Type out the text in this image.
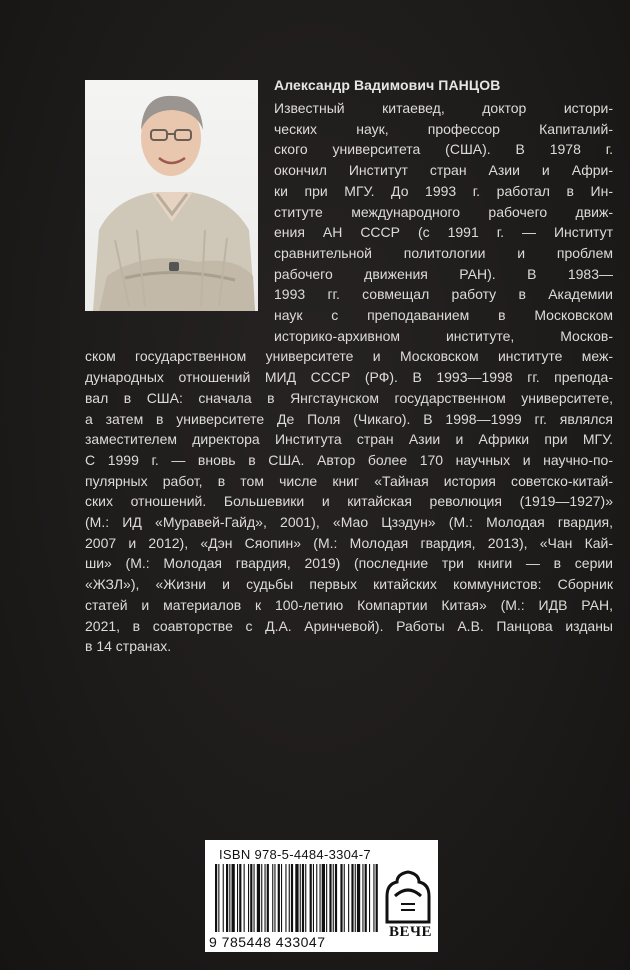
Александр Вадимович ПАНЦОВ
Известный китаевед, доктор истори-
ческих наук, профессор Капиталий-
ского университета (США). В 1978 г.
окончил Институт стран Азии и Афри-
ки при МГУ. До 1993 г. работал в Ин-
ституте международного рабочего движ-
ения АН СССР (с 1991 г. — Институт
сравнительной политологии и проблем
рабочего движения РАН). В 1983—
1993 гг. совмещал работу в Академии
наук с преподаванием в Московском
историко-архивном институте, Москов-
ском государственном университете и Московском институте меж-
дународных отношений МИД СССР (РФ). В 1993—1998 гг. препода-
вал в США: сначала в Янгстаунском государственном университете,
а затем в университете Де Поля (Чикаго). В 1998—1999 гг. являлся
заместителем директора Института стран Азии и Африки при МГУ.
С 1999 г. — вновь в США. Автор более 170 научных и научно-по-
пулярных работ, в том числе книг «Тайная история советско-китай-
ских отношений. Большевики и китайская революция (1919—1927)»
(М.: ИД «Муравей-Гайд», 2001), «Мао Цзэдун» (М.: Молодая гвардия,
2007 и 2012), «Дэн Сяопин» (М.: Молодая гвардия, 2013), «Чан Кай-
ши» (М.: Молодая гвардия, 2019) (последние три книги — в серии
«ЖЗЛ»), «Жизни и судьбы первых китайских коммунистов: Сборник
статей и материалов к 100-летию Компартии Китая» (М.: ИДВ РАН,
2021, в соавторстве с Д.А. Аринчевой). Работы А.В. Панцова изданы
в 14 странах.
ISBN 978-5-4484-3304-7
9 785448 433047
ВЕЧЕ
